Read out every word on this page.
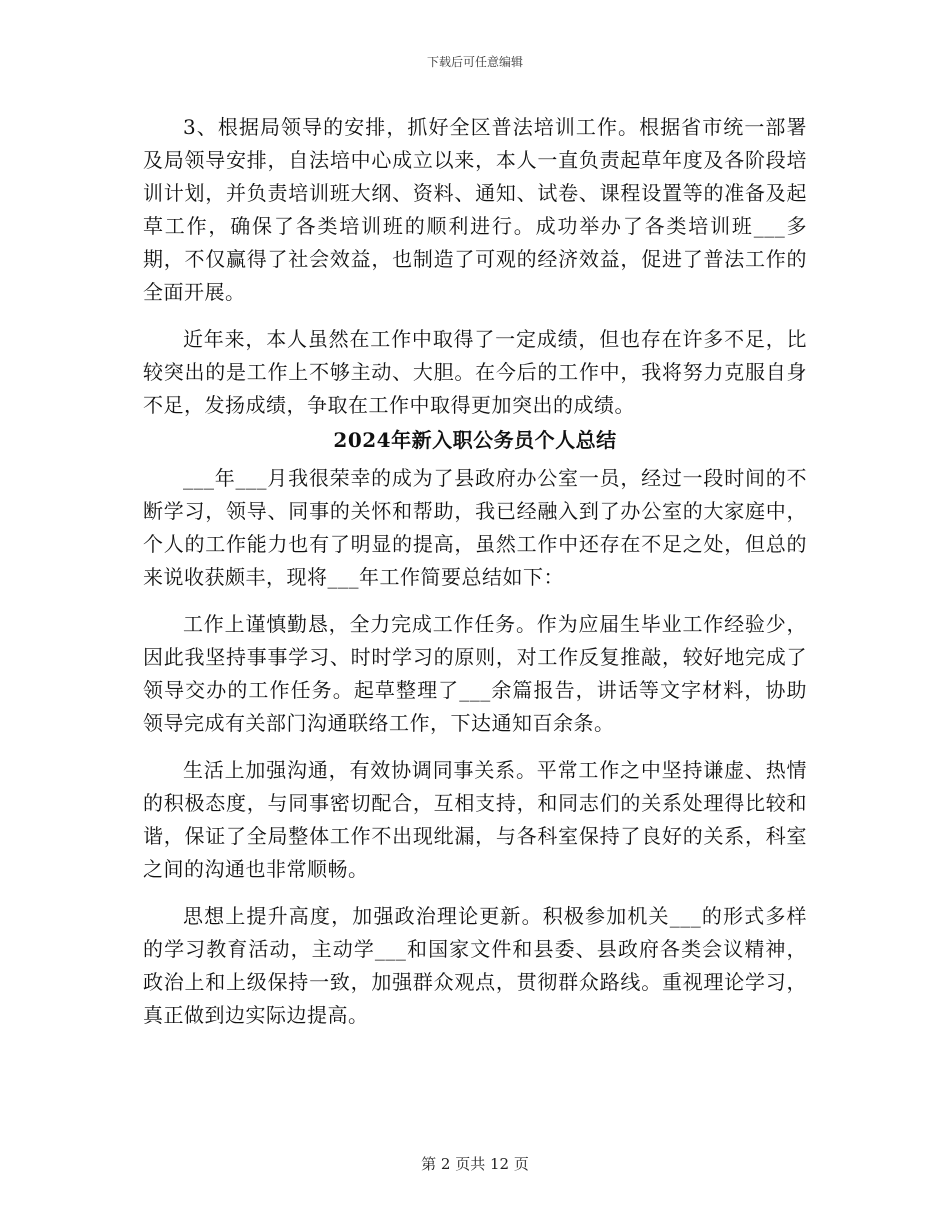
下载后可任意编辑

3、根据局领导的安排，抓好全区普法培训工作。根据省市统一部署及局领导安排，自法培中心成立以来，本人一直负责起草年度及各阶段培训计划，并负责培训班大纲、资料、通知、试卷、课程设置等的准备及起草工作，确保了各类培训班的顺利进行。成功举办了各类培训班___多期，不仅赢得了社会效益，也制造了可观的经济效益，促进了普法工作的全面开展。

近年来，本人虽然在工作中取得了一定成绩，但也存在许多不足，比较突出的是工作上不够主动、大胆。在今后的工作中，我将努力克服自身不足，发扬成绩，争取在工作中取得更加突出的成绩。

2024年新入职公务员个人总结

___年___月我很荣幸的成为了县政府办公室一员，经过一段时间的不断学习，领导、同事的关怀和帮助，我已经融入到了办公室的大家庭中，个人的工作能力也有了明显的提高，虽然工作中还存在不足之处，但总的来说收获颇丰，现将___年工作简要总结如下：

工作上谨慎勤恳，全力完成工作任务。作为应届生毕业工作经验少，因此我坚持事事学习、时时学习的原则，对工作反复推敲，较好地完成了领导交办的工作任务。起草整理了___余篇报告，讲话等文字材料，协助领导完成有关部门沟通联络工作，下达通知百余条。

生活上加强沟通，有效协调同事关系。平常工作之中坚持谦虚、热情的积极态度，与同事密切配合，互相支持，和同志们的关系处理得比较和谐，保证了全局整体工作不出现纰漏，与各科室保持了良好的关系，科室之间的沟通也非常顺畅。

思想上提升高度，加强政治理论更新。积极参加机关___的形式多样的学习教育活动，主动学___和国家文件和县委、县政府各类会议精神，政治上和上级保持一致，加强群众观点，贯彻群众路线。重视理论学习，真正做到边实际边提高。

第 2 页共 12 页
